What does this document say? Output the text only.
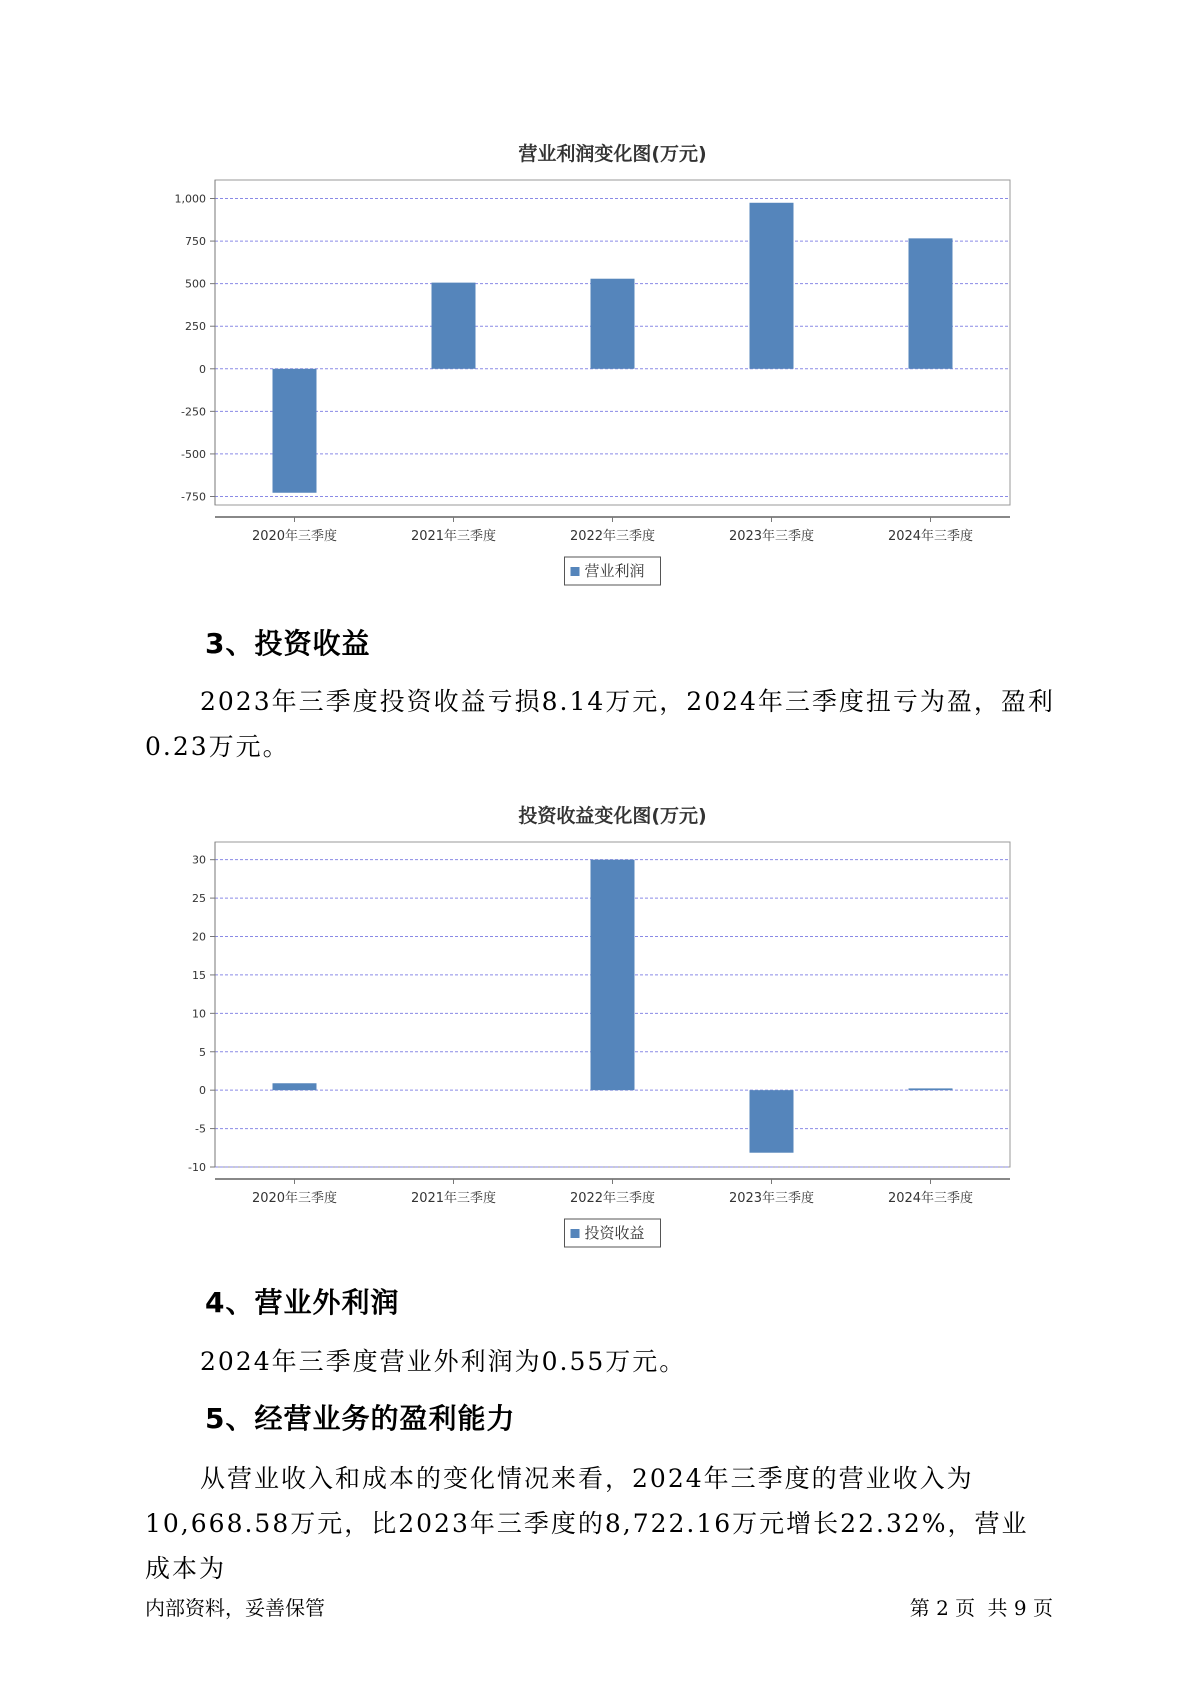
营业利润变化图(万元)
1,000
750
500
250
0
-250
-500
-750
2020年三季度	2021年三季度	2022年三季度	2023年三季度	2024年三季度
营业利润
3、投资收益

2023年三季度投资收益亏损8.14万元，2024年三季度扭亏为盈，盈利0.23万元。

投资收益变化图(万元)
30
25
20
15
10
5
0
-5
-10
2020年三季度	2021年三季度	2022年三季度	2023年三季度	2024年三季度
投资收益
4、营业外利润

2024年三季度营业外利润为0.55万元。

5、经营业务的盈利能力

从营业收入和成本的变化情况来看，2024年三季度的营业收入为10,668.58万元，比2023年三季度的8,722.16万元增长22.32%，营业成本为

内部资料，妥善保管	第 2 页 共 9 页
